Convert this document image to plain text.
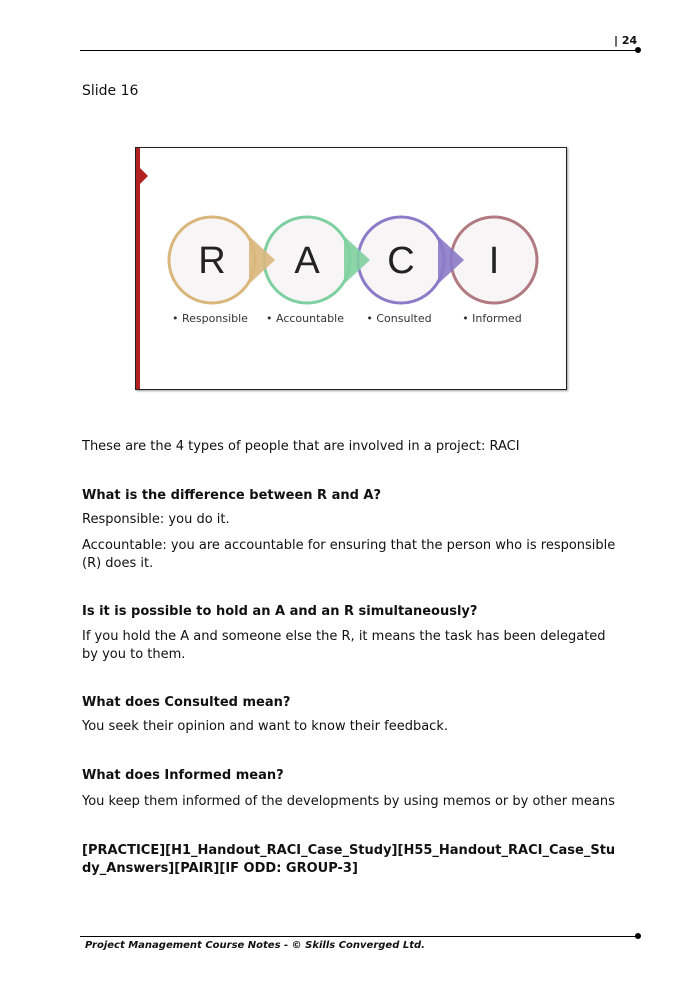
| 24
Slide 16
R A C I
• Responsible • Accountable • Consulted	• Informed
These are the 4 types of people that are involved in a project: RACI
What is the difference between R and A?
Responsible: you do it.
Accountable: you are accountable for ensuring that the person who is responsible (R) does it.
Is it is possible to hold an A and an R simultaneously?
If you hold the A and someone else the R, it means the task has been delegated by you to them.
What does Consulted mean?
You seek their opinion and want to know their feedback.
What does Informed mean?
You keep them informed of the developments by using memos or by other means
[PRACTICE][H1_Handout_RACI_Case_Study][H55_Handout_RACI_Case_Study_Answers][PAIR][IF ODD: GROUP-3]
Project Management Course Notes - © Skills Converged Ltd.
